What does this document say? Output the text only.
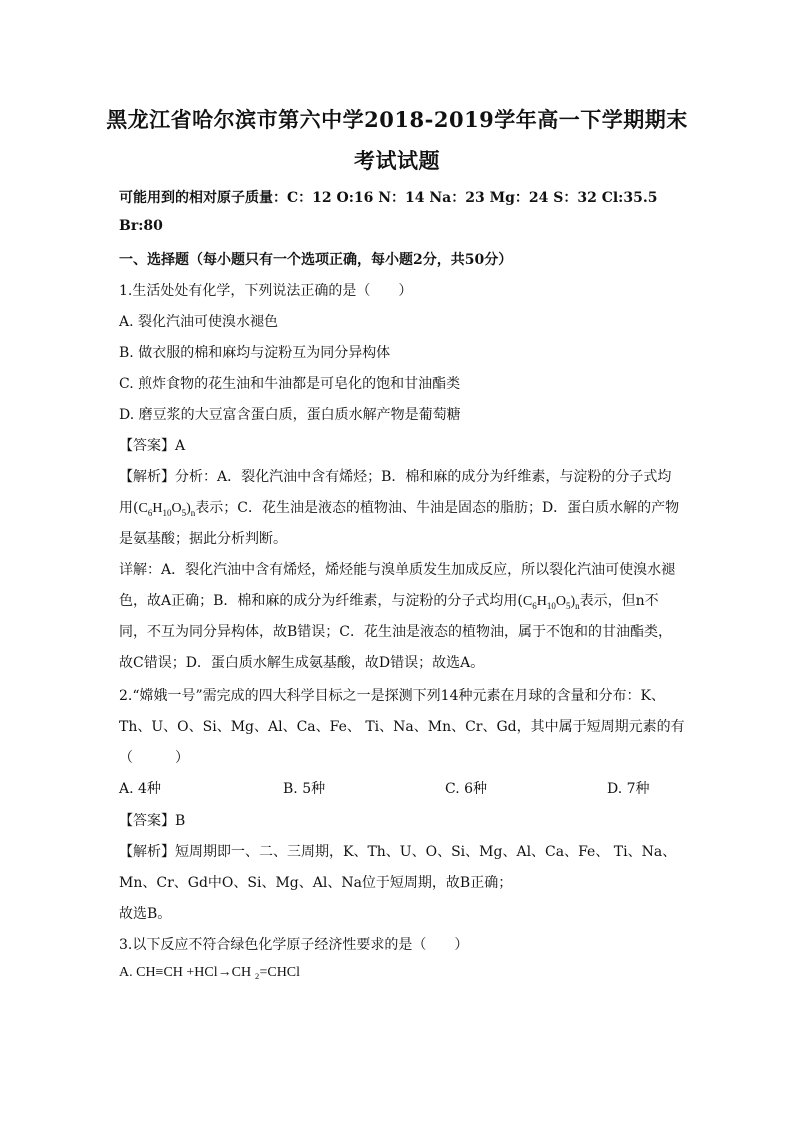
黑龙江省哈尔滨市第六中学2018-2019学年高一下学期期末
考试试题
可能用到的相对原子质量：C：12 O:16 N：14 Na：23 Mg：24 S：32 Cl:35.5
Br:80
一、选择题（每小题只有一个选项正确，每小题2分，共50分）
1.生活处处有化学，下列说法正确的是（　　）
A. 裂化汽油可使溴水褪色
B. 做衣服的棉和麻均与淀粉互为同分异构体
C. 煎炸食物的花生油和牛油都是可皂化的饱和甘油酯类
D. 磨豆浆的大豆富含蛋白质，蛋白质水解产物是葡萄糖
【答案】A
【解析】分析：A．裂化汽油中含有烯烃；B．棉和麻的成分为纤维素，与淀粉的分子式均
用$(C_6H_{10}O_5)_n$表示；C．花生油是液态的植物油、牛油是固态的脂肪；D．蛋白质水解的产物
是氨基酸；据此分析判断。
详解：A．裂化汽油中含有烯烃，烯烃能与溴单质发生加成反应，所以裂化汽油可使溴水褪
色，故A正确；B．棉和麻的成分为纤维素，与淀粉的分子式均用$(C_6H_{10}O_5)_n$表示，但n不
同，不互为同分异构体，故B错误；C．花生油是液态的植物油，属于不饱和的甘油酯类，
故C错误；D．蛋白质水解生成氨基酸，故D错误；故选A。
2.“嫦娥一号”需完成的四大科学目标之一是探测下列14种元素在月球的含量和分布：K、
Th、U、O、Si、Mg、Al、Ca、Fe、 Ti、Na、Mn、Cr、Gd，其中属于短周期元素的有
（　　　）
A. 4种	B. 5种	C. 6种	D. 7种
【答案】B
【解析】短周期即一、二、三周期，K、Th、U、O、Si、Mg、Al、Ca、Fe、 Ti、Na、
Mn、Cr、Gd中O、Si、Mg、Al、Na位于短周期，故B正确；
故选B。
3.以下反应不符合绿色化学原子经济性要求的是（　　）
A. CH≡CH +HCl→CH ₂=CHCl
